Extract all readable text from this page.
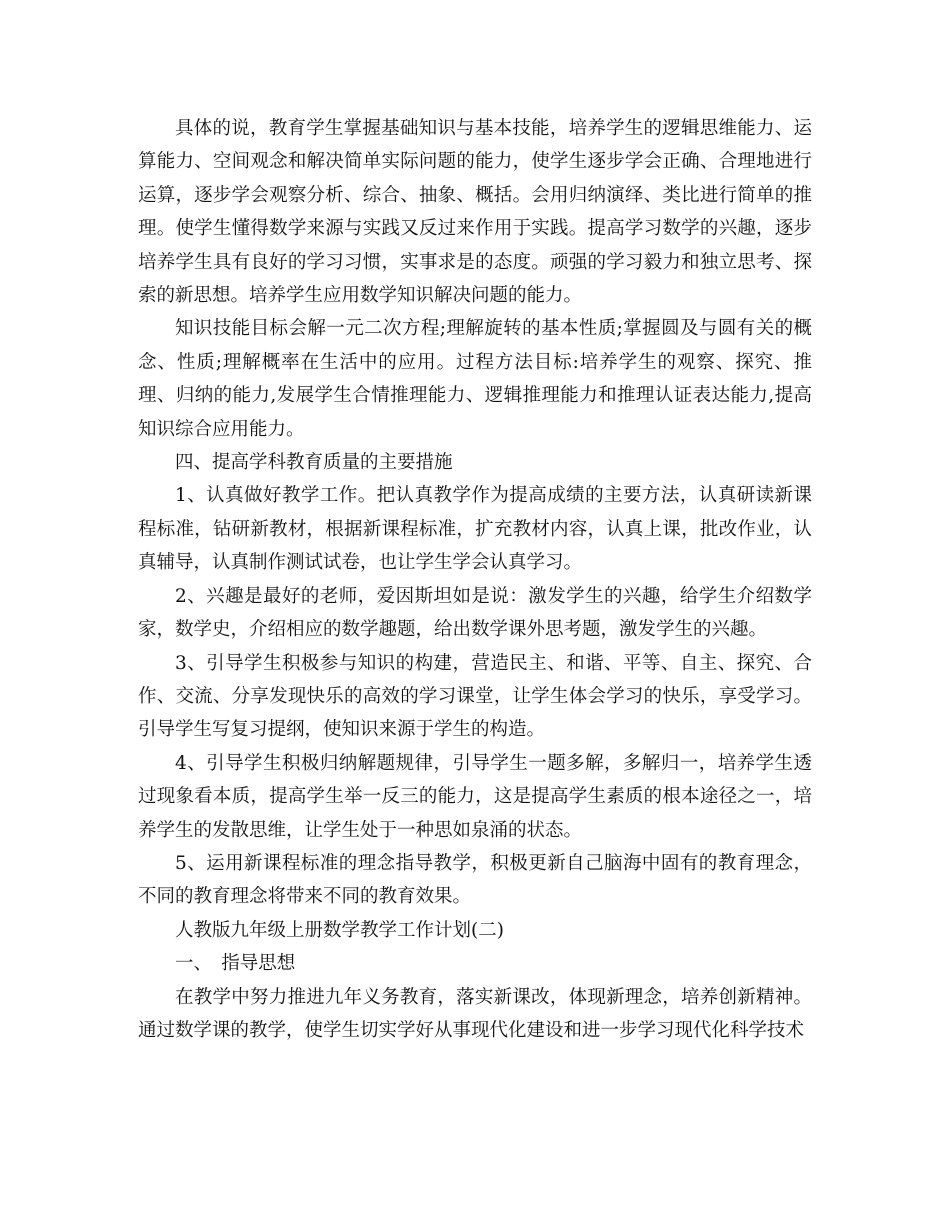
具体的说，教育学生掌握基础知识与基本技能，培养学生的逻辑思维能力、运算能力、空间观念和解决简单实际问题的能力，使学生逐步学会正确、合理地进行运算，逐步学会观察分析、综合、抽象、概括。会用归纳演绎、类比进行简单的推理。使学生懂得数学来源与实践又反过来作用于实践。提高学习数学的兴趣，逐步培养学生具有良好的学习习惯，实事求是的态度。顽强的学习毅力和独立思考、探索的新思想。培养学生应用数学知识解决问题的能力。

知识技能目标会解一元二次方程;理解旋转的基本性质;掌握圆及与圆有关的概念、性质;理解概率在生活中的应用。过程方法目标:培养学生的观察、探究、推理、归纳的能力,发展学生合情推理能力、逻辑推理能力和推理认证表达能力,提高知识综合应用能力。

四、提高学科教育质量的主要措施

1、认真做好教学工作。把认真教学作为提高成绩的主要方法，认真研读新课程标准，钻研新教材，根据新课程标准，扩充教材内容，认真上课，批改作业，认真辅导，认真制作测试试卷，也让学生学会认真学习。

2、兴趣是最好的老师，爱因斯坦如是说：激发学生的兴趣，给学生介绍数学家，数学史，介绍相应的数学趣题，给出数学课外思考题，激发学生的兴趣。

3、引导学生积极参与知识的构建，营造民主、和谐、平等、自主、探究、合作、交流、分享发现快乐的高效的学习课堂，让学生体会学习的快乐，享受学习。引导学生写复习提纲，使知识来源于学生的构造。

4、引导学生积极归纳解题规律，引导学生一题多解，多解归一，培养学生透过现象看本质，提高学生举一反三的能力，这是提高学生素质的根本途径之一，培养学生的发散思维，让学生处于一种思如泉涌的状态。

5、运用新课程标准的理念指导教学，积极更新自己脑海中固有的教育理念，不同的教育理念将带来不同的教育效果。

人教版九年级上册数学教学工作计划(二)

一、　指导思想

在教学中努力推进九年义务教育，落实新课改，体现新理念，培养创新精神。通过数学课的教学，使学生切实学好从事现代化建设和进一步学习现代化科学技术
